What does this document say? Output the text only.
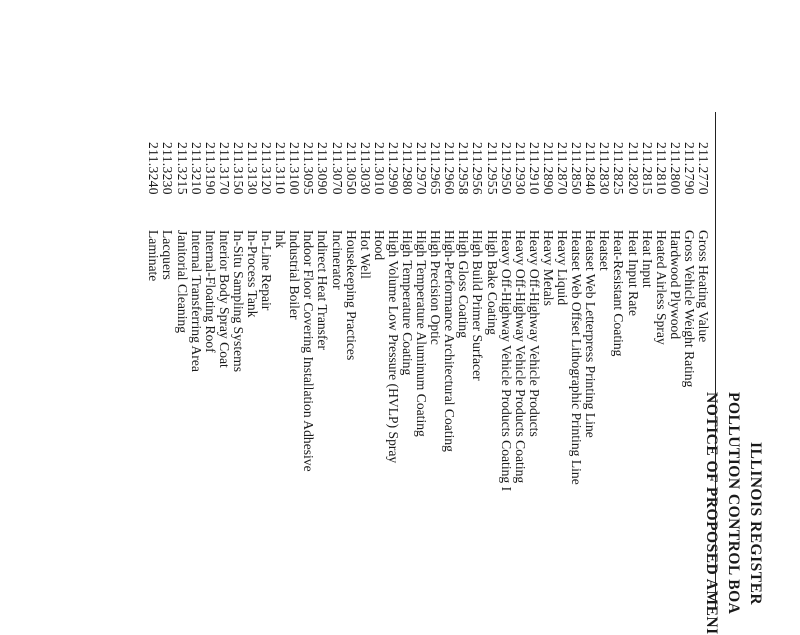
ILLINOIS REGISTER
POLLUTION CONTROL BOA
NOTICE OF PROPOSED AMENI
211.2770
Gross Heating Value
211.2790
Gross Vehicle Weight Rating
211.2800
Hardwood Plywood
211.2810
Heated Airless Spray
211.2815
Heat Input
211.2820
Heat Input Rate
211.2825
Heat-Resistant Coating
211.2830
Heatset
211.2840
Heatset Web Letterpress Printing Line
211.2850
Heatset Web Offset Lithographic Printing Line
211.2870
Heavy Liquid
211.2890
Heavy Metals
211.2910
Heavy Off-Highway Vehicle Products
211.2930
Heavy Off-Highway Vehicle Products Coating
211.2950
Heavy Off-Highway Vehicle Products Coating I
211.2955
High Bake Coating
211.2956
High Build Primer Surfacer
211.2958
High Gloss Coating
211.2960
High-Performance Architectural Coating
211.2965
High Precision Optic
211.2970
High Temperature Aluminum Coating
211.2980
High Temperature Coating
211.2990
High Volume Low Pressure (HVLP) Spray
211.3010
Hood
211.3030
Hot Well
211.3050
Housekeeping Practices
211.3070
Incinerator
211.3090
Indirect Heat Transfer
211.3095
Indoor Floor Covering Installation Adhesive
211.3100
Industrial Boiler
211.3110
Ink
211.3120
In-Line Repair
211.3130
In-Process Tank
211.3150
In-Situ Sampling Systems
211.3170
Interior Body Spray Coat
211.3190
Internal-Floating Roof
211.3210
Internal Transferring Area
211.3215
Janitorial Cleaning
211.3230
Lacquers
211.3240
Laminate
